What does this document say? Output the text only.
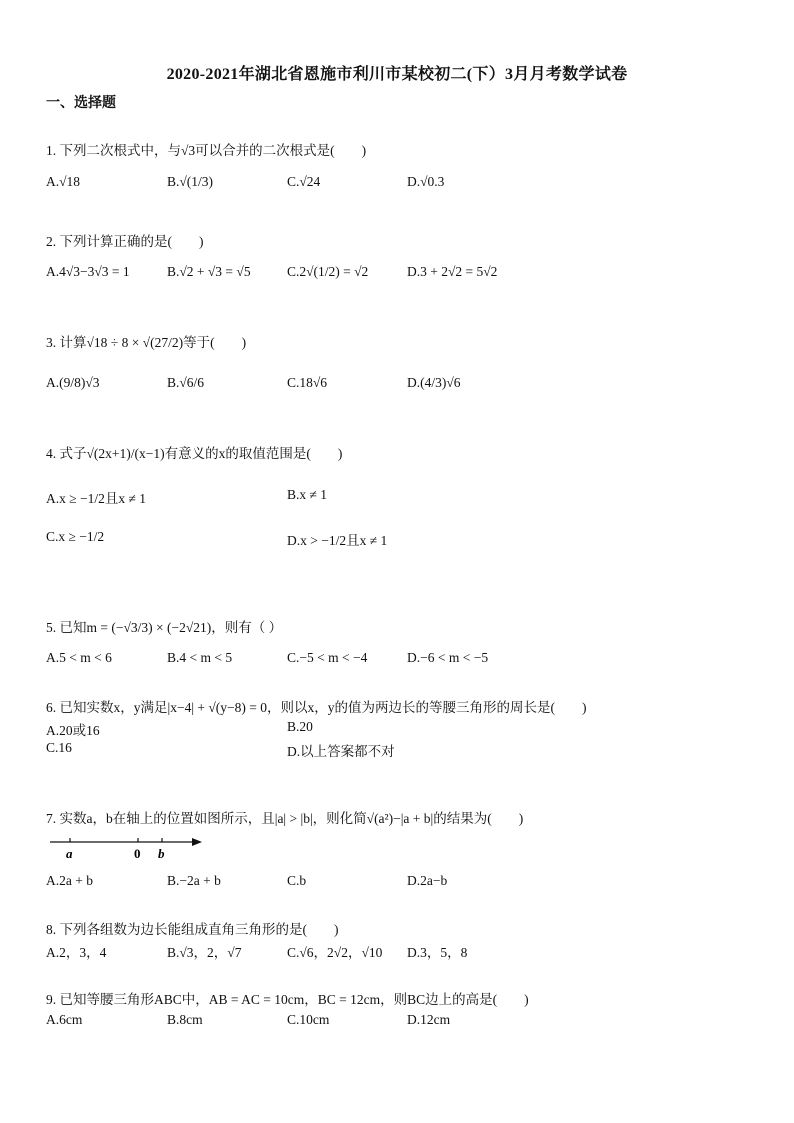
2020-2021年湖北省恩施市利川市某校初二(下）3月月考数学试卷
一、选择题
1. 下列二次根式中，与√3可以合并的二次根式是(　　)
A.√18	B.√(1/3)	C.√24	D.√0.3
2. 下列计算正确的是(　　)
A.4√3−3√3 = 1	B.√2 + √3 = √5	C.2√(1/2) = √2	D.3 + 2√2 = 5√2
3. 计算√18 ÷ 8 × √(27/2)等于(　　)
A.(9/8)√3	B.√6/6	C.18√6	D.(4/3)√6
4. 式子√(2x+1)/(x−1)有意义的x的取值范围是(　　)
A.x ≥ −1/2且x ≠ 1	B.x ≠ 1
C.x ≥ −1/2	D.x > −1/2且x ≠ 1
5. 已知m = (−√3/3) × (−2√21)，则有（ ）
A.5 < m < 6	B.4 < m < 5	C.−5 < m < −4	D.−6 < m < −5
6. 已知实数x，y满足|x−4| + √(y−8) = 0，则以x，y的值为两边长的等腰三角形的周长是(　　)
A.20或16	B.20
C.16	D.以上答案都不对
7. 实数a，b在轴上的位置如图所示，且|a| > |b|，则化简√(a²)−|a + b|的结果为(　　)
a	0 b
A.2a + b	B.−2a + b	C.b	D.2a−b
8. 下列各组数为边长能组成直角三角形的是(　　)
A.2，3，4	B.√3，2，√7	C.√6，2√2，√10 D.3，5，8
9. 已知等腰三角形ABC中，AB = AC = 10cm，BC = 12cm，则BC边上的高是(　　)
A.6cm	B.8cm	C.10cm	D.12cm
